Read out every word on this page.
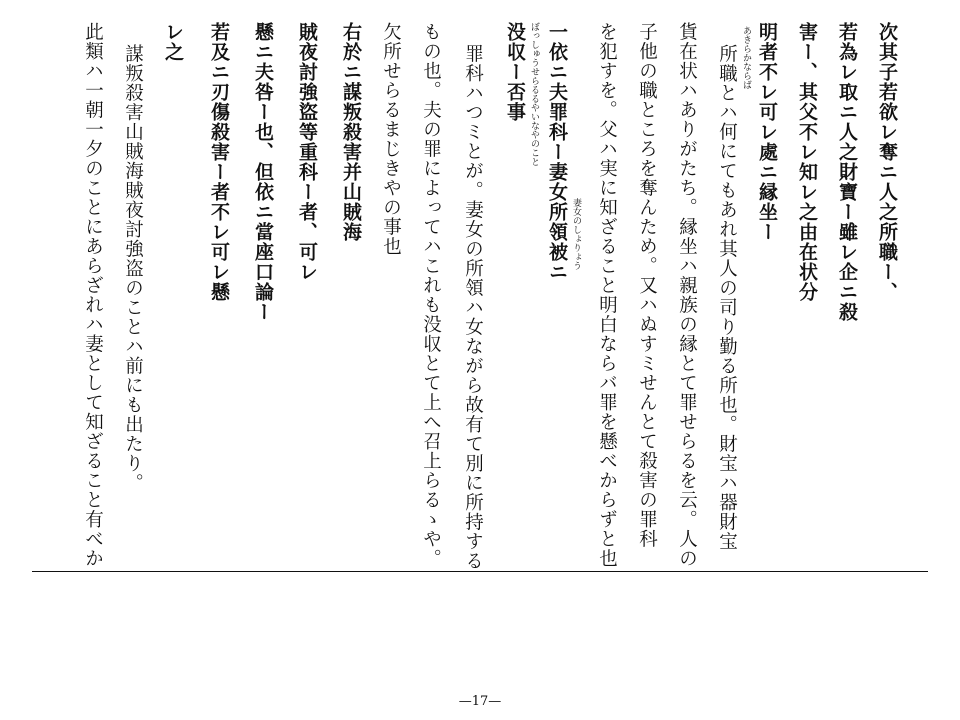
次其子若欲レ奪ニ人之所職ー、
若為レ取ニ人之財寶ー雖レ企ニ殺
害ー、其父不レ知レ之由在状分
明者不レ可レ處ニ縁坐ー
所職とハ何にてもあれ其人の司り勤る所也。財宝ハ器財宝
貨在状ハありがたち。縁坐ハ親族の縁とて罪せらるを云。人の
子他の職ところを奪んため。又ハぬすミせんとて殺害の罪科
を犯すを。父ハ実に知ざること明白ならバ罪を懸べからずと也
一依ニ夫罪科ー妻女所領被ニ
没収ー否事
罪科ハつミとが。妻女の所領ハ女ながら故有て別に所持する
もの也。夫の罪によってハこれも没収とて上へ召上らるゝや。
欠所せらるまじきやの事也
右於ニ謀叛殺害并山賊海
賊夜討強盜等重科ー者、可レ
懸ニ夫咎ー也、但依ニ當座口論ー
若及ニ刃傷殺害ー者不レ可レ懸
レ之
謀叛殺害山賊海賊夜討強盗のことハ前にも出たり。
此類ハ一朝一夕のことにあらざれハ妻として知ざること有べか	あきらかならば
妻女のしょりょう
ぼっしゅうせらるるやいなやのこと
—17—
